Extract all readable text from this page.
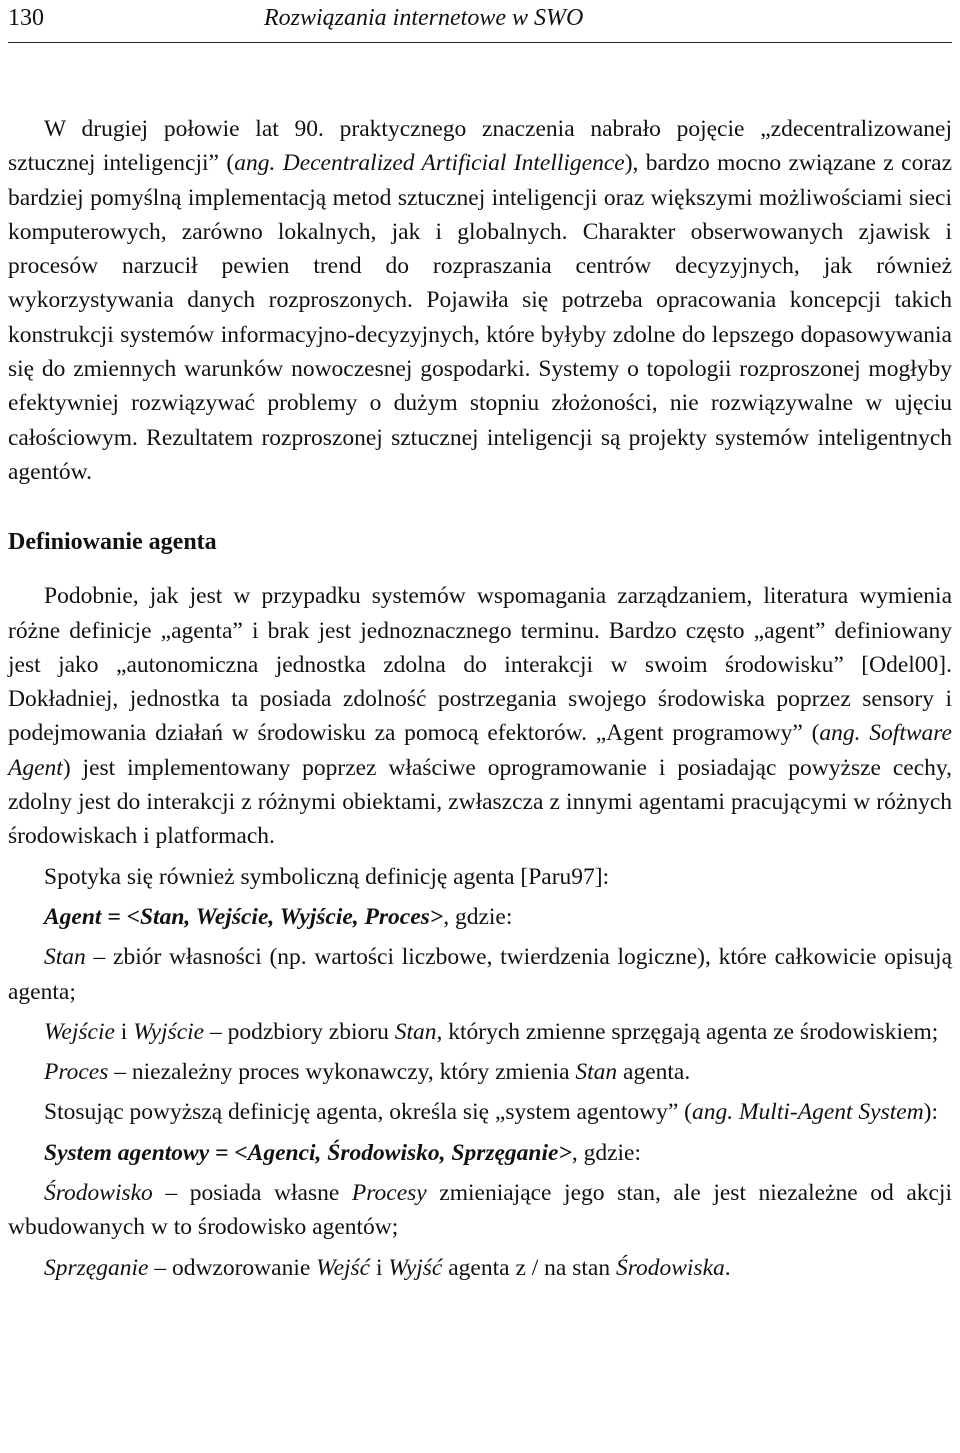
130	Rozwiązania internetowe w SWO

W drugiej połowie lat 90. praktycznego znaczenia nabrało pojęcie „zdecentralizowanej sztucznej inteligencji” (ang. Decentralized Artificial Intelligence), bardzo mocno związane z coraz bardziej pomyślną implementacją metod sztucznej inteligencji oraz większymi możliwościami sieci komputerowych, zarówno lokalnych, jak i globalnych. Charakter obserwowanych zjawisk i procesów narzucił pewien trend do rozpraszania centrów decyzyjnych, jak również wykorzystywania danych rozproszonych. Pojawiła się potrzeba opracowania koncepcji takich konstrukcji systemów informacyjno-decyzyjnych, które byłyby zdolne do lepszego dopasowywania się do zmiennych warunków nowoczesnej gospodarki. Systemy o topologii rozproszonej mogłyby efektywniej rozwiązywać problemy o dużym stopniu złożoności, nie rozwiązywalne w ujęciu całościowym. Rezultatem rozproszonej sztucznej inteligencji są projekty systemów inteligentnych agentów.

Definiowanie agenta

Podobnie, jak jest w przypadku systemów wspomagania zarządzaniem, literatura wymienia różne definicje „agenta” i brak jest jednoznacznego terminu. Bardzo często „agent” definiowany jest jako „autonomiczna jednostka zdolna do interakcji w swoim środowisku” [Odel00]. Dokładniej, jednostka ta posiada zdolność postrzegania swojego środowiska poprzez sensory i podejmowania działań w środowisku za pomocą efektorów. „Agent programowy” (ang. Software Agent) jest implementowany poprzez właściwe oprogramowanie i posiadając powyższe cechy, zdolny jest do interakcji z różnymi obiektami, zwłaszcza z innymi agentami pracującymi w różnych środowiskach i platformach.

Spotyka się również symboliczną definicję agenta [Paru97]:

Agent = <Stan, Wejście, Wyjście, Proces>, gdzie:

Stan – zbiór własności (np. wartości liczbowe, twierdzenia logiczne), które całkowicie opisują agenta;

Wejście i Wyjście – podzbiory zbioru Stan, których zmienne sprzęgają agenta ze środowiskiem;

Proces – niezależny proces wykonawczy, który zmienia Stan agenta.

Stosując powyższą definicję agenta, określa się „system agentowy” (ang. Multi-Agent System):

System agentowy = <Agenci, Środowisko, Sprzęganie>, gdzie:

Środowisko – posiada własne Procesy zmieniające jego stan, ale jest niezależne od akcji wbudowanych w to środowisko agentów;

Sprzęganie – odwzorowanie Wejść i Wyjść agenta z / na stan Środowiska.
